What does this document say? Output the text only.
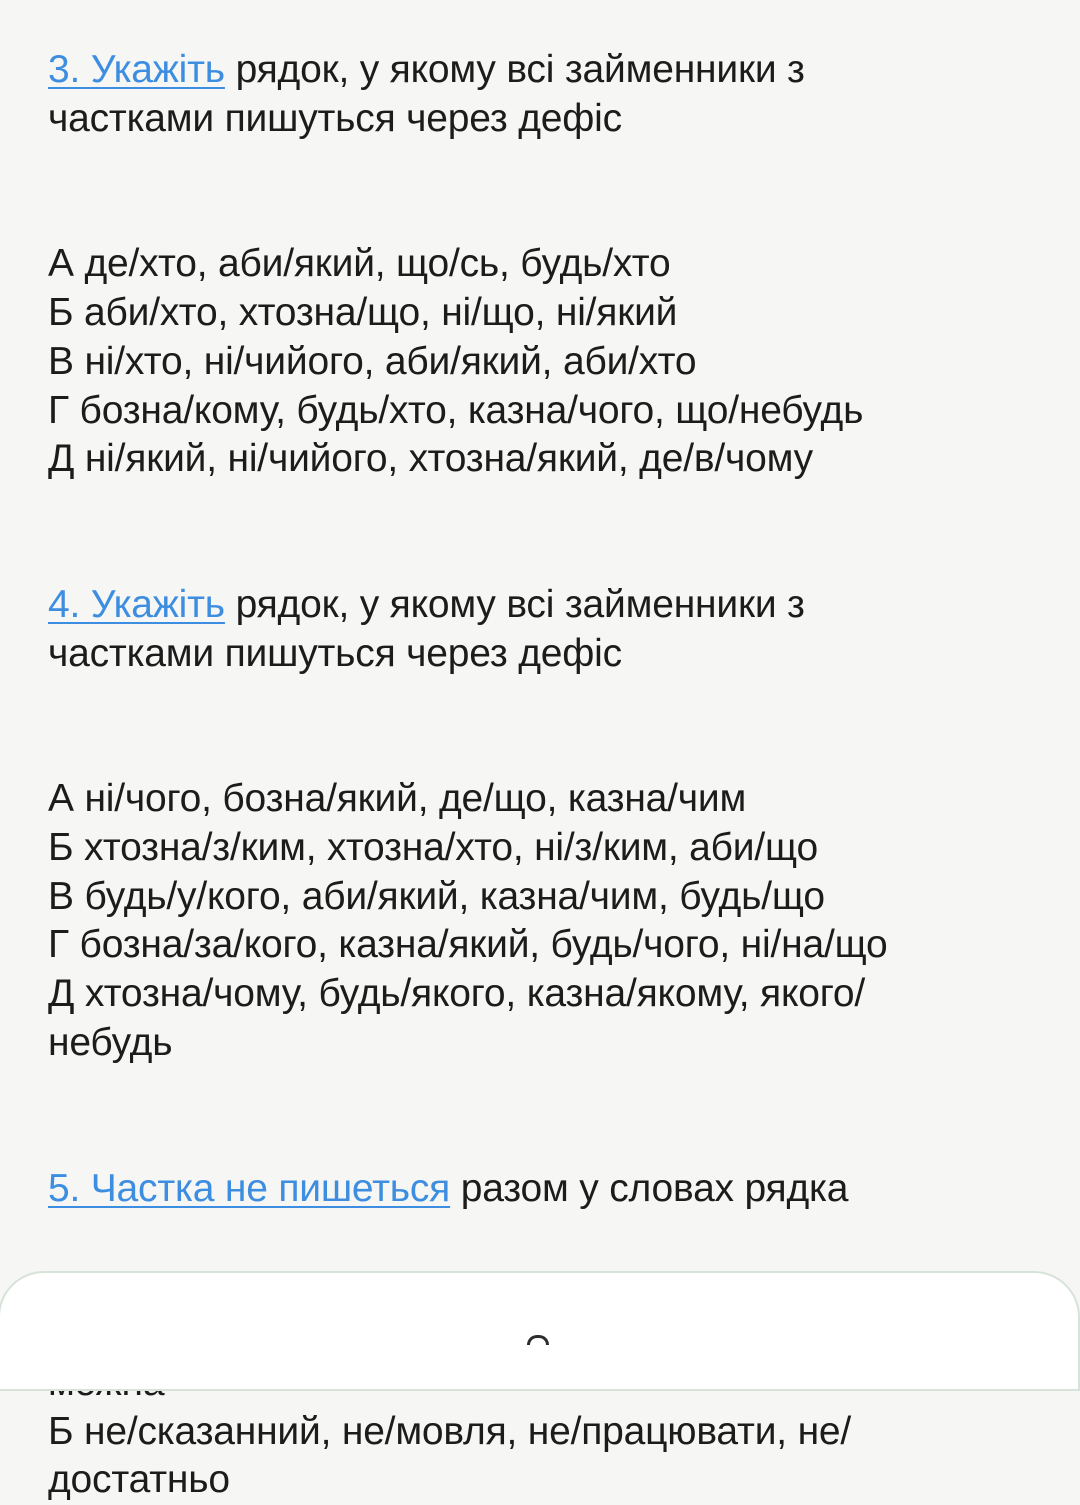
3. Укажіть рядок, у якому всі займенники з
частками пишуться через дефіс
А де/хто, аби/який, що/сь, будь/хто
Б аби/хто, хтозна/що, ні/що, ні/який
В ні/хто, ні/чийого, аби/який, аби/хто
Г бозна/кому, будь/хто, казна/чого, що/небудь
Д ні/який, ні/чийого, хтозна/який, де/в/чому
4. Укажіть рядок, у якому всі займенники з
частками пишуться через дефіс
А ні/чого, бозна/який, де/що, казна/чим
Б хтозна/з/ким, хтозна/хто, ні/з/ким, аби/що
В будь/у/кого, аби/який, казна/чим, будь/що
Г бозна/за/кого, казна/який, будь/чого, ні/на/що
Д хтозна/чому, будь/якого, казна/якому, якого/
небудь
5. Частка не пишеться разом у словах рядка
Б не/сказанний, не/мовля, не/працювати, не/
достатньо
